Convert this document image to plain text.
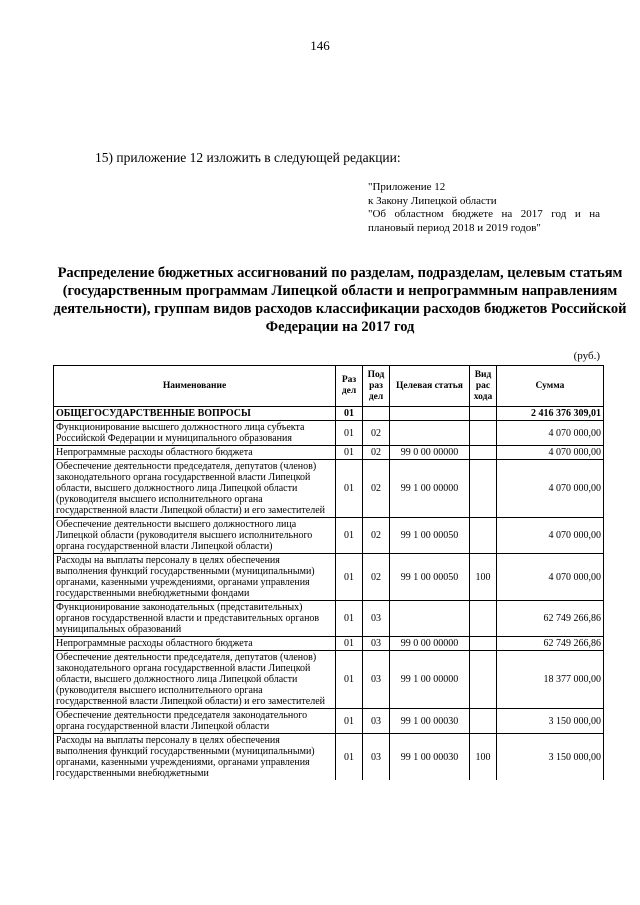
146
15) приложение 12 изложить в следующей редакции:
"Приложение 12
к Закону Липецкой области
"Об областном бюджете на 2017 год и на
плановый период 2018 и 2019 годов"
Распределение бюджетных ассигнований по разделам, подразделам, целевым статьям (государственным программам Липецкой области и непрограммным направлениям деятельности), группам видов расходов классификации расходов бюджетов Российской Федерации на 2017 год
(руб.)
Наименование	Раз дел	Под раз дел	Целевая статья	Вид рас хода	Сумма
ОБЩЕГОСУДАРСТВЕННЫЕ ВОПРОСЫ	01				2 416 376 309,01
Функционирование высшего должностного лица субъекта Российской Федерации и муниципального образования	01	02			4 070 000,00
Непрограммные расходы областного бюджета	01	02	99 0 00 00000		4 070 000,00
Обеспечение деятельности председателя, депутатов (членов) законодательного органа государственной власти Липецкой области, высшего должностного лица Липецкой области (руководителя высшего исполнительного органа государственной власти Липецкой области) и его заместителей	01	02	99 1 00 00000		4 070 000,00
Обеспечение деятельности высшего должностного лица Липецкой области (руководителя высшего исполнительного органа государственной власти Липецкой области)	01	02	99 1 00 00050		4 070 000,00
Расходы на выплаты персоналу в целях обеспечения выполнения функций государственными (муниципальными) органами, казенными учреждениями, органами управления государственными внебюджетными фондами	01	02	99 1 00 00050	100	4 070 000,00
Функционирование законодательных (представительных) органов государственной власти и представительных органов муниципальных образований	01	03			62 749 266,86
Непрограммные расходы областного бюджета	01	03	99 0 00 00000		62 749 266,86
Обеспечение деятельности председателя, депутатов (членов) законодательного органа государственной власти Липецкой области, высшего должностного лица Липецкой области (руководителя высшего исполнительного органа государственной власти Липецкой области) и его заместителей	01	03	99 1 00 00000		18 377 000,00
Обеспечение деятельности председателя законодательного органа государственной власти Липецкой области	01	03	99 1 00 00030		3 150 000,00
Расходы на выплаты персоналу в целях обеспечения выполнения функций государственными (муниципальными) органами, казенными учреждениями, органами управления государственными внебюджетными	01	03	99 1 00 00030	100	3 150 000,00
